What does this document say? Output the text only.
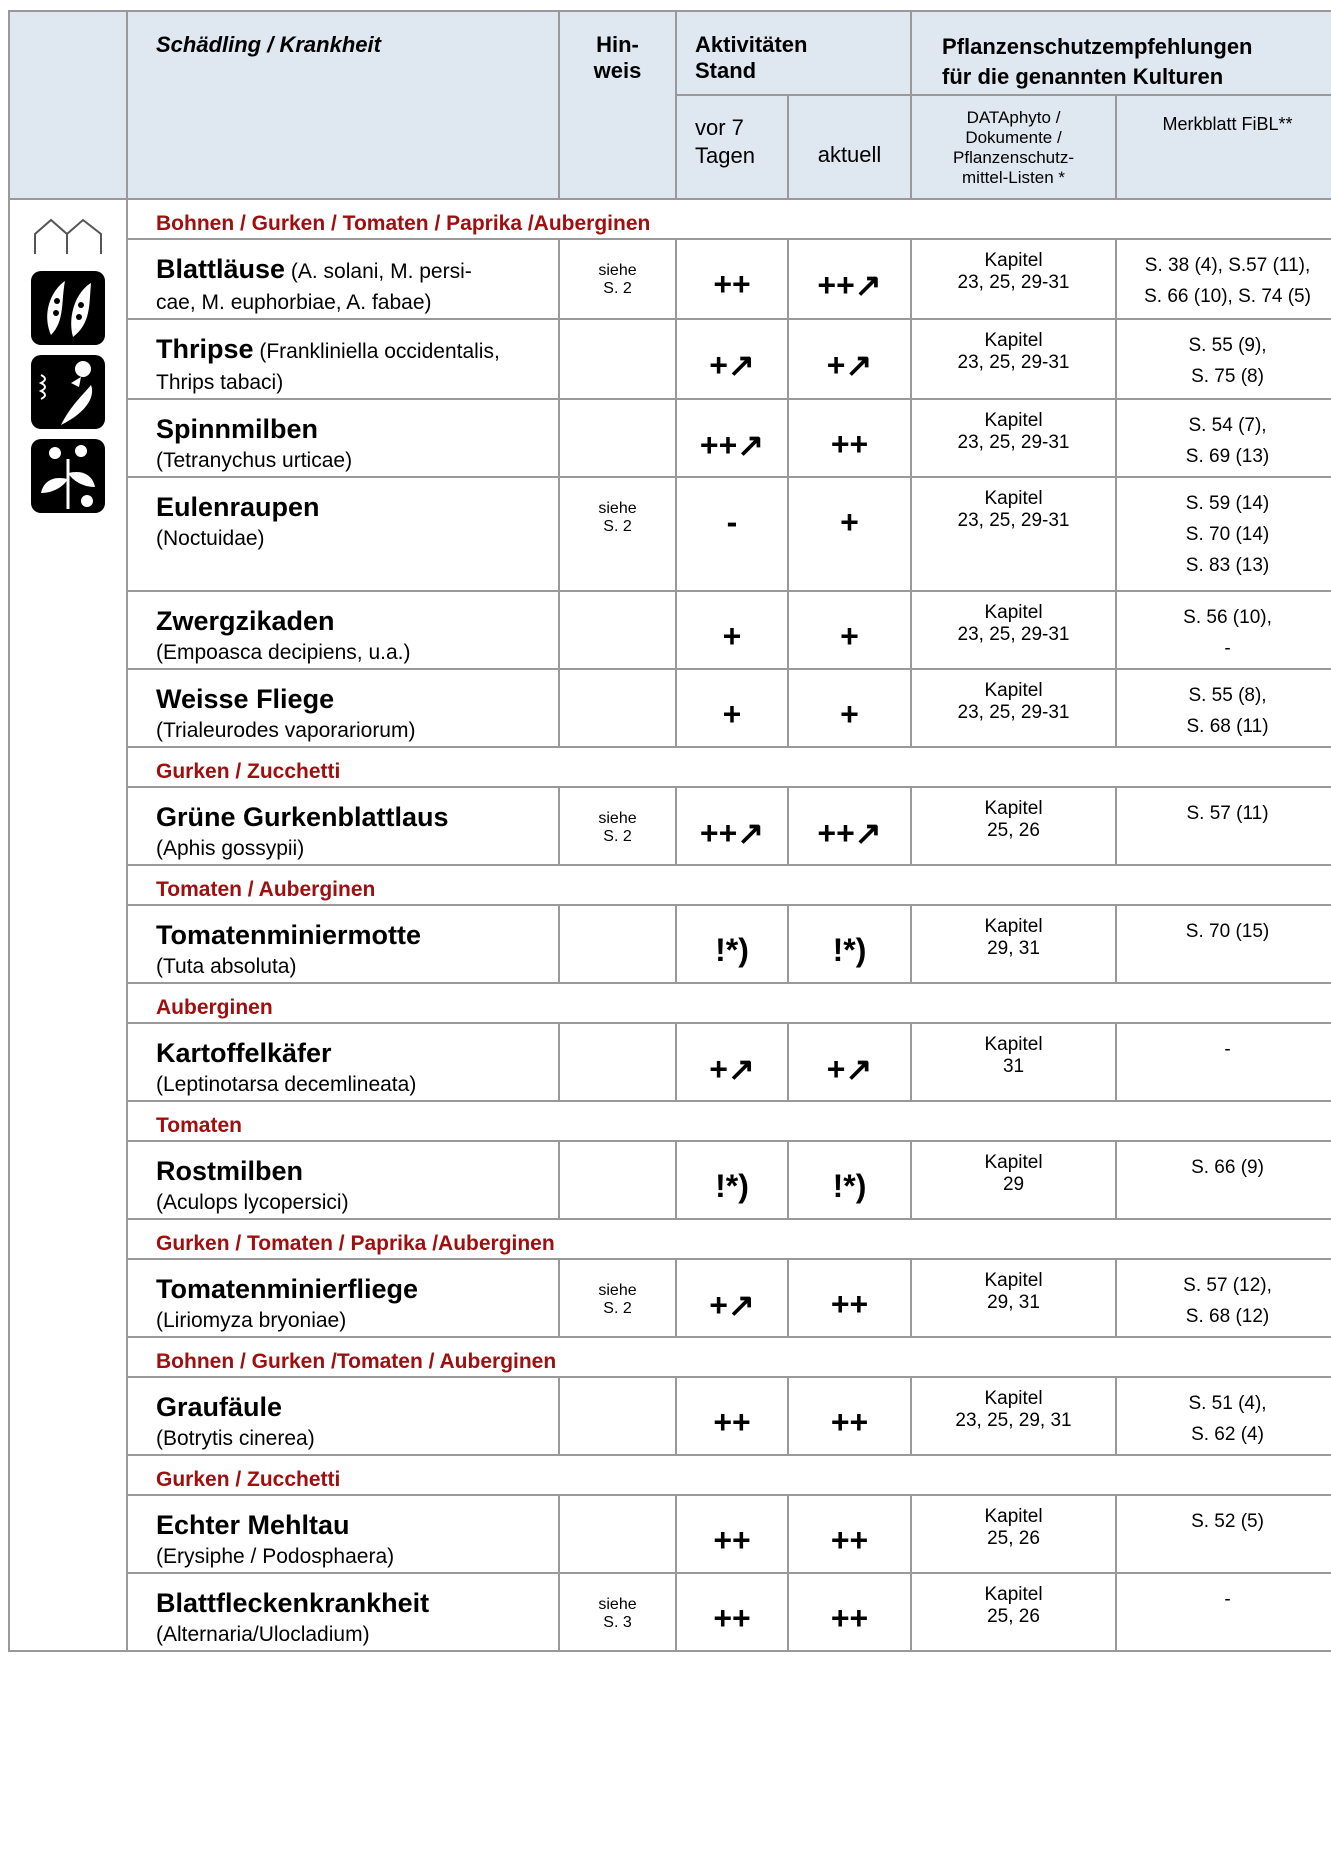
	Schädling / Krankheit	Hin-
weis	Aktivitäten
Stand		Pflanzenschutzempfehlungen
für die genannten Kulturen	
			vor 7
Tagen	aktuell	DATAphyto /
Dokumente /
Pflanzenschutz-
mittel-Listen *	Merkblatt FiBL**

	Bohnen / Gurken / Tomaten / Paprika /Auberginen					
	Blattläuse (A. solani, M. persi-
cae, M. euphorbiae, A. fabae)	siehe
S. 2	++	++↗	Kapitel
23, 25, 29-31	S. 38 (4), S.57 (11),
S. 66 (10), S. 74 (5)
	Thripse (Frankliniella occidentalis,
Thrips tabaci)		+↗	+↗	Kapitel
23, 25, 29-31	S. 55 (9),
S. 75 (8)
	Spinnmilben
(Tetranychus urticae)		++↗	++	Kapitel
23, 25, 29-31	S. 54 (7),
S. 69 (13)
	Eulenraupen
(Noctuidae)	siehe
S. 2	-	+	Kapitel
23, 25, 29-31	S. 59 (14)
S. 70 (14)
S. 83 (13)
	Zwergzikaden
(Empoasca decipiens, u.a.)		+	+	Kapitel
23, 25, 29-31	S. 56 (10),
-
	Weisse Fliege
(Trialeurodes vaporariorum)		+	+	Kapitel
23, 25, 29-31	S. 55 (8),
S. 68 (11)
	Gurken / Zucchetti					
	Grüne Gurkenblattlaus
(Aphis gossypii)	siehe
S. 2	++↗	++↗	Kapitel
25, 26	S. 57 (11)
	Tomaten / Auberginen					
	Tomatenminiermotte
(Tuta absoluta)		!*)	!*)	Kapitel
29, 31	S. 70 (15)
	Auberginen					
	Kartoffelkäfer
(Leptinotarsa decemlineata)		+↗	+↗	Kapitel
31	-
	Tomaten					
	Rostmilben
(Aculops lycopersici)		!*)	!*)	Kapitel
29	S. 66 (9)
	Gurken / Tomaten / Paprika /Auberginen					
	Tomatenminierfliege
(Liriomyza bryoniae)	siehe
S. 2	+↗	++	Kapitel
29, 31	S. 57 (12),
S. 68 (12)
	Bohnen / Gurken /Tomaten / Auberginen					
	Graufäule
(Botrytis cinerea)		++	++	Kapitel
23, 25, 29, 31	S. 51 (4),
S. 62 (4)
	Gurken / Zucchetti					
	Echter Mehltau
(Erysiphe / Podosphaera)		++	++	Kapitel
25, 26	S. 52 (5)
	Blattfleckenkrankheit
(Alternaria/Ulocladium)	siehe
S. 3	++	++	Kapitel
25, 26	-
